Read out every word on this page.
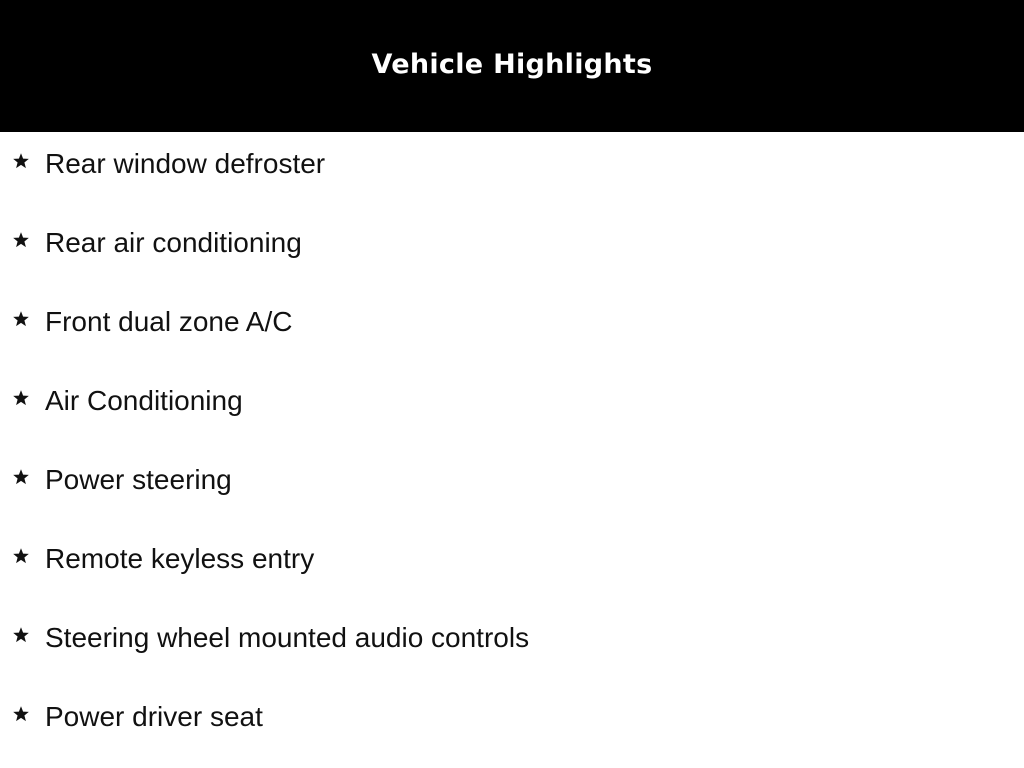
Vehicle Highlights
Rear window defroster
Rear air conditioning
Front dual zone A/C
Air Conditioning
Power steering
Remote keyless entry
Steering wheel mounted audio controls
Power driver seat
